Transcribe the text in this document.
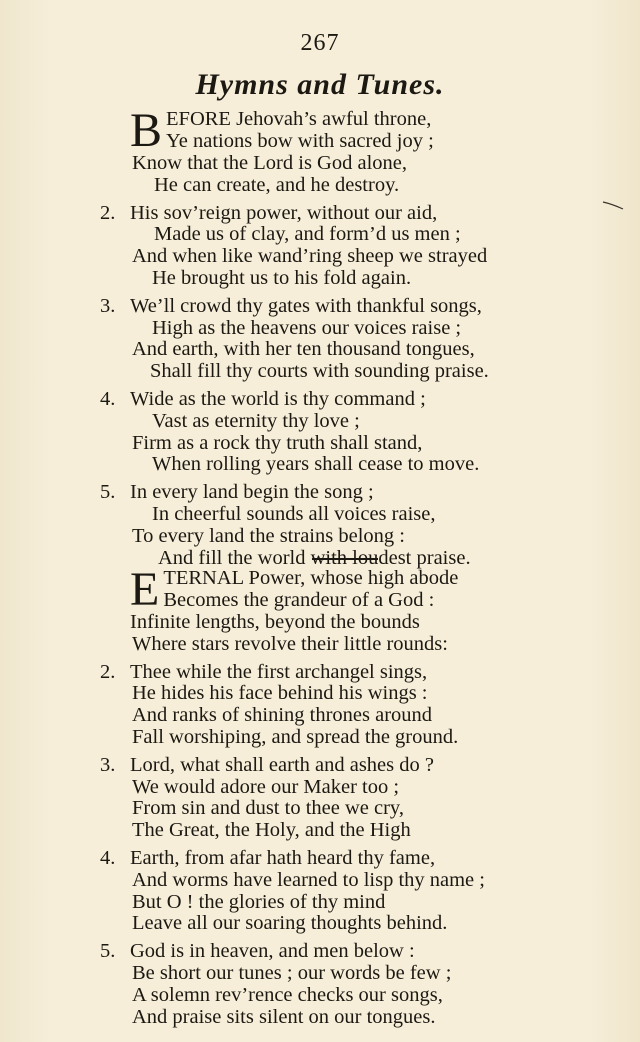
267
Hymns and Tunes.
B EFORE Jehovah’s awful throne,
Ye nations bow with sacred joy ;
Know that the Lord is God alone,
He can create, and he destroy.
2. His sov’reign power, without our aid,
Made us of clay, and form’d us men ;
And when like wand’ring sheep we strayed
He brought us to his fold again.
3. We’ll crowd thy gates with thankful songs,
High as the heavens our voices raise ;
And earth, with her ten thousand tongues,
Shall fill thy courts with sounding praise.
4. Wide as the world is thy command ;
Vast as eternity thy love ;
Firm as a rock thy truth shall stand,
When rolling years shall cease to move.
5. In every land begin the song ;
In cheerful sounds all voices raise,
To every land the strains belong :
And fill the world with loudest praise.
E TERNAL Power, whose high abode
Becomes the grandeur of a God :
Infinite lengths, beyond the bounds
Where stars revolve their little rounds:
2. Thee while the first archangel sings,
He hides his face behind his wings :
And ranks of shining thrones around
Fall worshiping, and spread the ground.
3. Lord, what shall earth and ashes do ?
We would adore our Maker too ;
From sin and dust to thee we cry,
The Great, the Holy, and the High
4. Earth, from afar hath heard thy fame,
And worms have learned to lisp thy name ;
But O ! the glories of thy mind
Leave all our soaring thoughts behind.
5. God is in heaven, and men below :
Be short our tunes ; our words be few ;
A solemn rev’rence checks our songs,
And praise sits silent on our tongues.
